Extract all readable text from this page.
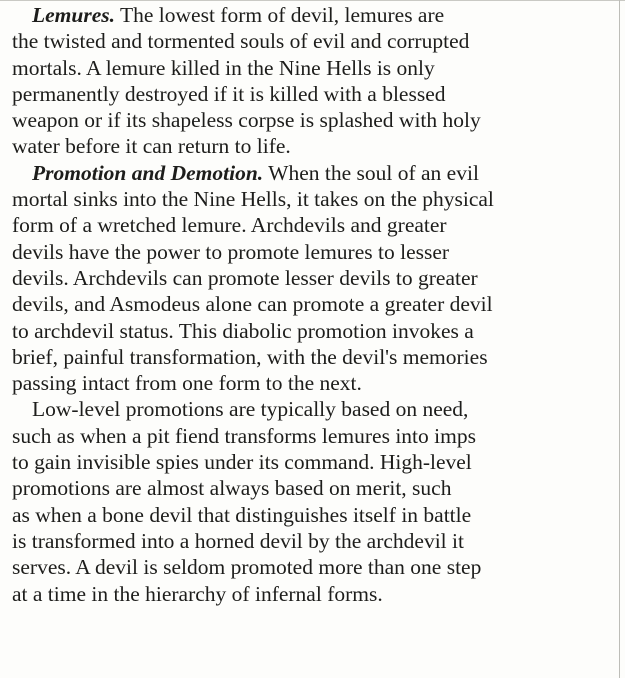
Lemures. The lowest form of devil, lemures are
the twisted and tormented souls of evil and corrupted
mortals. A lemure killed in the Nine Hells is only
permanently destroyed if it is killed with a blessed
weapon or if its shapeless corpse is splashed with holy
water before it can return to life.
Promotion and Demotion. When the soul of an evil
mortal sinks into the Nine Hells, it takes on the physical
form of a wretched lemure. Archdevils and greater
devils have the power to promote lemures to lesser
devils. Archdevils can promote lesser devils to greater
devils, and Asmodeus alone can promote a greater devil
to archdevil status. This diabolic promotion invokes a
brief, painful transformation, with the devil's memories
passing intact from one form to the next.
Low-level promotions are typically based on need,
such as when a pit fiend transforms lemures into imps
to gain invisible spies under its command. High-level
promotions are almost always based on merit, such
as when a bone devil that distinguishes itself in battle
is transformed into a horned devil by the archdevil it
serves. A devil is seldom promoted more than one step
at a time in the hierarchy of infernal forms.
